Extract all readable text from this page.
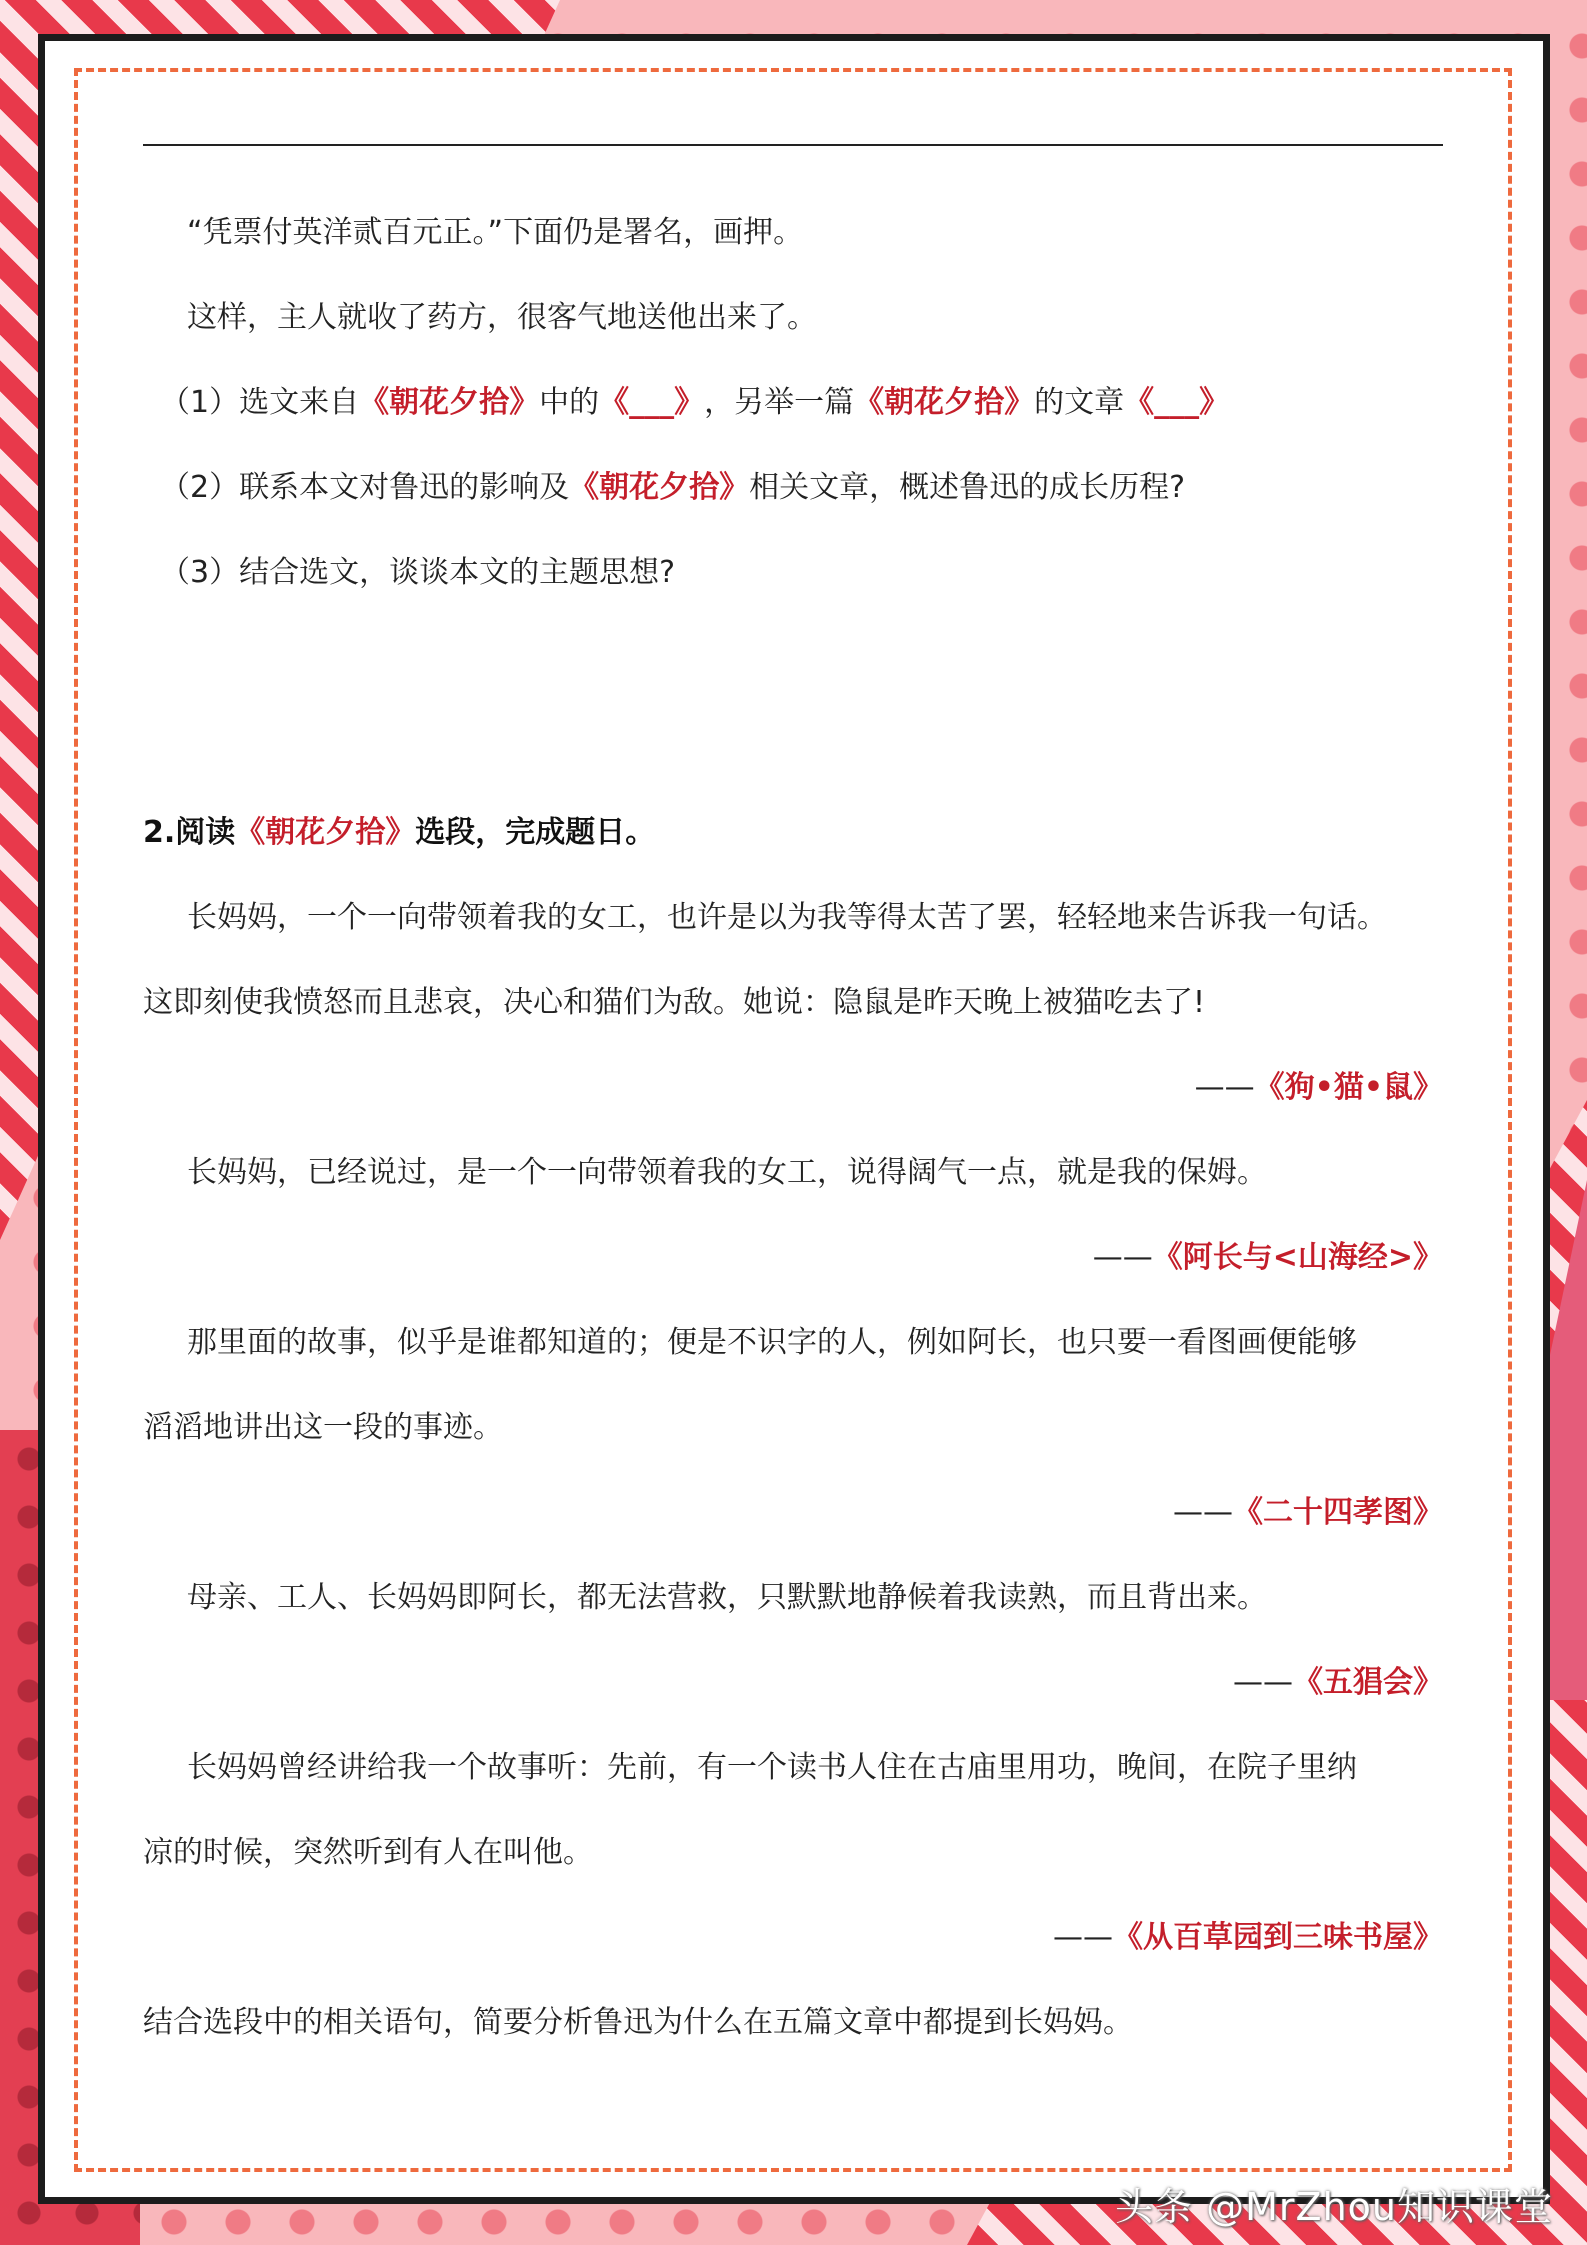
“凭票付英洋贰百元正。”下面仍是署名，画押。
这样，主人就收了药方，很客气地送他出来了。
（1）选文来自《朝花夕拾》中的《___》，另举一篇《朝花夕拾》的文章《___》
（2）联系本文对鲁迅的影响及《朝花夕拾》相关文章，概述鲁迅的成长历程?
（3）结合选文，谈谈本文的主题思想?
2.阅读《朝花夕拾》选段，完成题日。
长妈妈，一个一向带领着我的女工，也许是以为我等得太苦了罢，轻轻地来告诉我一句话。
这即刻使我愤怒而且悲哀，决心和猫们为敌。她说：隐鼠是昨天晚上被猫吃去了!
——《狗•猫•鼠》
长妈妈，已经说过，是一个一向带领着我的女工，说得阔气一点，就是我的保姆。
——《阿长与<山海经>》
那里面的故事，似乎是谁都知道的；便是不识字的人，例如阿长，也只要一看图画便能够
滔滔地讲出这一段的事迹。
——《二十四孝图》
母亲、工人、长妈妈即阿长，都无法营救，只默默地静候着我读熟，而且背出来。
——《五猖会》
长妈妈曾经讲给我一个故事听：先前，有一个读书人住在古庙里用功，晚间，在院子里纳
凉的时候，突然听到有人在叫他。
——《从百草园到三味书屋》
结合选段中的相关语句，简要分析鲁迅为什么在五篇文章中都提到长妈妈。
头条 @MrZhou知识课堂
